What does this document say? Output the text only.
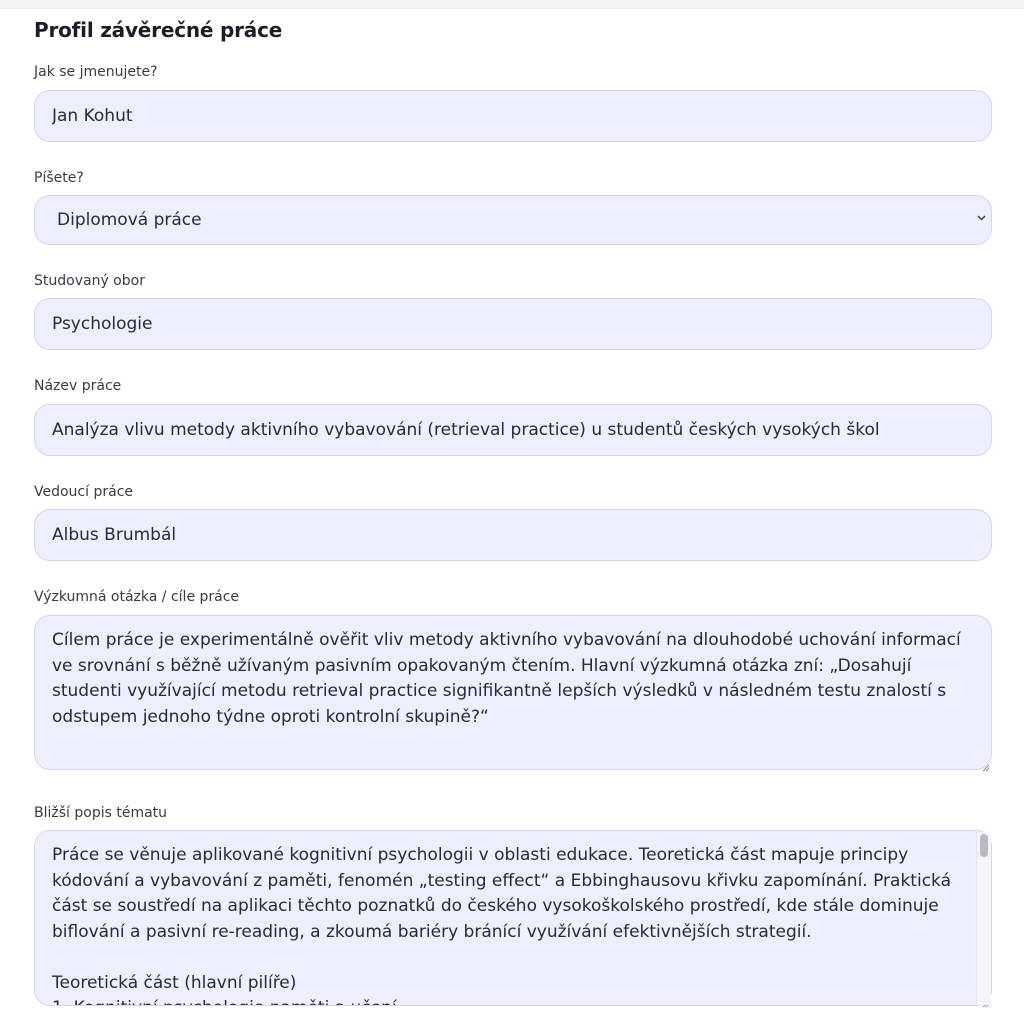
Profil závěrečné práce
Jak se jmenujete?
Jan Kohut
Píšete?
Diplomová práce
Studovaný obor
Psychologie
Název práce
Analýza vlivu metody aktivního vybavování (retrieval practice) u studentů českých vysokých škol
Vedoucí práce
Albus Brumbál
Výzkumná otázka / cíle práce
Cílem práce je experimentálně ověřit vliv metody aktivního vybavování na dlouhodobé uchování informací ve srovnání s běžně užívaným pasivním opakovaným čtením. Hlavní výzkumná otázka zní: „Dosahují studenti využívající metodu retrieval practice signifikantně lepších výsledků v následném testu znalostí s odstupem jednoho týdne oproti kontrolní skupině?“
Bližší popis tématu
Práce se věnuje aplikované kognitivní psychologii v oblasti edukace. Teoretická část mapuje principy kódování a vybavování z paměti, fenomén „testing effect“ a Ebbinghausovu křivku zapomínání. Praktická část se soustředí na aplikaci těchto poznatků do českého vysokoškolského prostředí, kde stále dominuje biflování a pasivní re-reading, a zkoumá bariéry bránící využívání efektivnějších strategií. Teoretická část (hlavní pilíře) 1. Kognitivní psychologie paměti a učení
